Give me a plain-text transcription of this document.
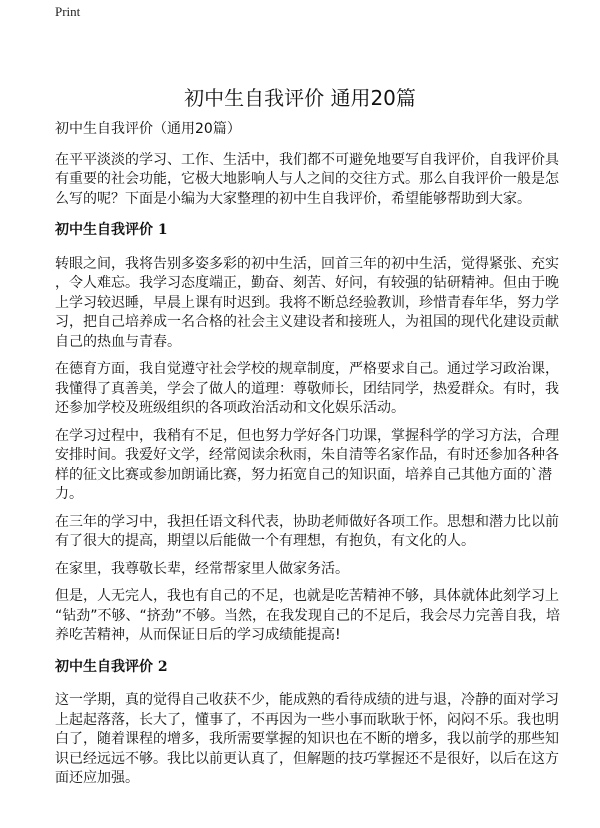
Print
初中生自我评价 通用20篇
初中生自我评价（通用20篇）
在平平淡淡的学习、工作、生活中，我们都不可避免地要写自我评价，自我评价具
有重要的社会功能，它极大地影响人与人之间的交往方式。那么自我评价一般是怎
么写的呢？下面是小编为大家整理的初中生自我评价，希望能够帮助到大家。
初中生自我评价 1
转眼之间，我将告别多姿多彩的初中生活，回首三年的初中生活，觉得紧张、充实
，令人难忘。我学习态度端正，勤奋、刻苦、好问，有较强的钻研精神。但由于晚
上学习较迟睡，早晨上课有时迟到。我将不断总经验教训，珍惜青春年华，努力学
习，把自己培养成一名合格的社会主义建设者和接班人，为祖国的现代化建设贡献
自己的热血与青春。
在德育方面，我自觉遵守社会学校的规章制度，严格要求自己。通过学习政治课，
我懂得了真善美，学会了做人的道理：尊敬师长，团结同学，热爱群众。有时，我
还参加学校及班级组织的各项政治活动和文化娱乐活动。
在学习过程中，我稍有不足，但也努力学好各门功课，掌握科学的学习方法，合理
安排时间。我爱好文学，经常阅读余秋雨，朱自清等名家作品，有时还参加各种各
样的征文比赛或参加朗诵比赛，努力拓宽自己的知识面，培养自己其他方面的`潜
力。
在三年的学习中，我担任语文科代表，协助老师做好各项工作。思想和潜力比以前
有了很大的提高，期望以后能做一个有理想，有抱负，有文化的人。
在家里，我尊敬长辈，经常帮家里人做家务活。
但是，人无完人，我也有自己的不足，也就是吃苦精神不够，具体就体此刻学习上
“钻劲”不够、“挤劲”不够。当然，在我发现自己的不足后，我会尽力完善自我，培
养吃苦精神，从而保证日后的学习成绩能提高!
初中生自我评价 2
这一学期，真的觉得自己收获不少，能成熟的看待成绩的进与退，冷静的面对学习
上起起落落，长大了，懂事了，不再因为一些小事而耿耿于怀，闷闷不乐。我也明
白了，随着课程的增多，我所需要掌握的知识也在不断的增多，我以前学的那些知
识已经远远不够。我比以前更认真了，但解题的技巧掌握还不是很好，以后在这方
面还应加强。
